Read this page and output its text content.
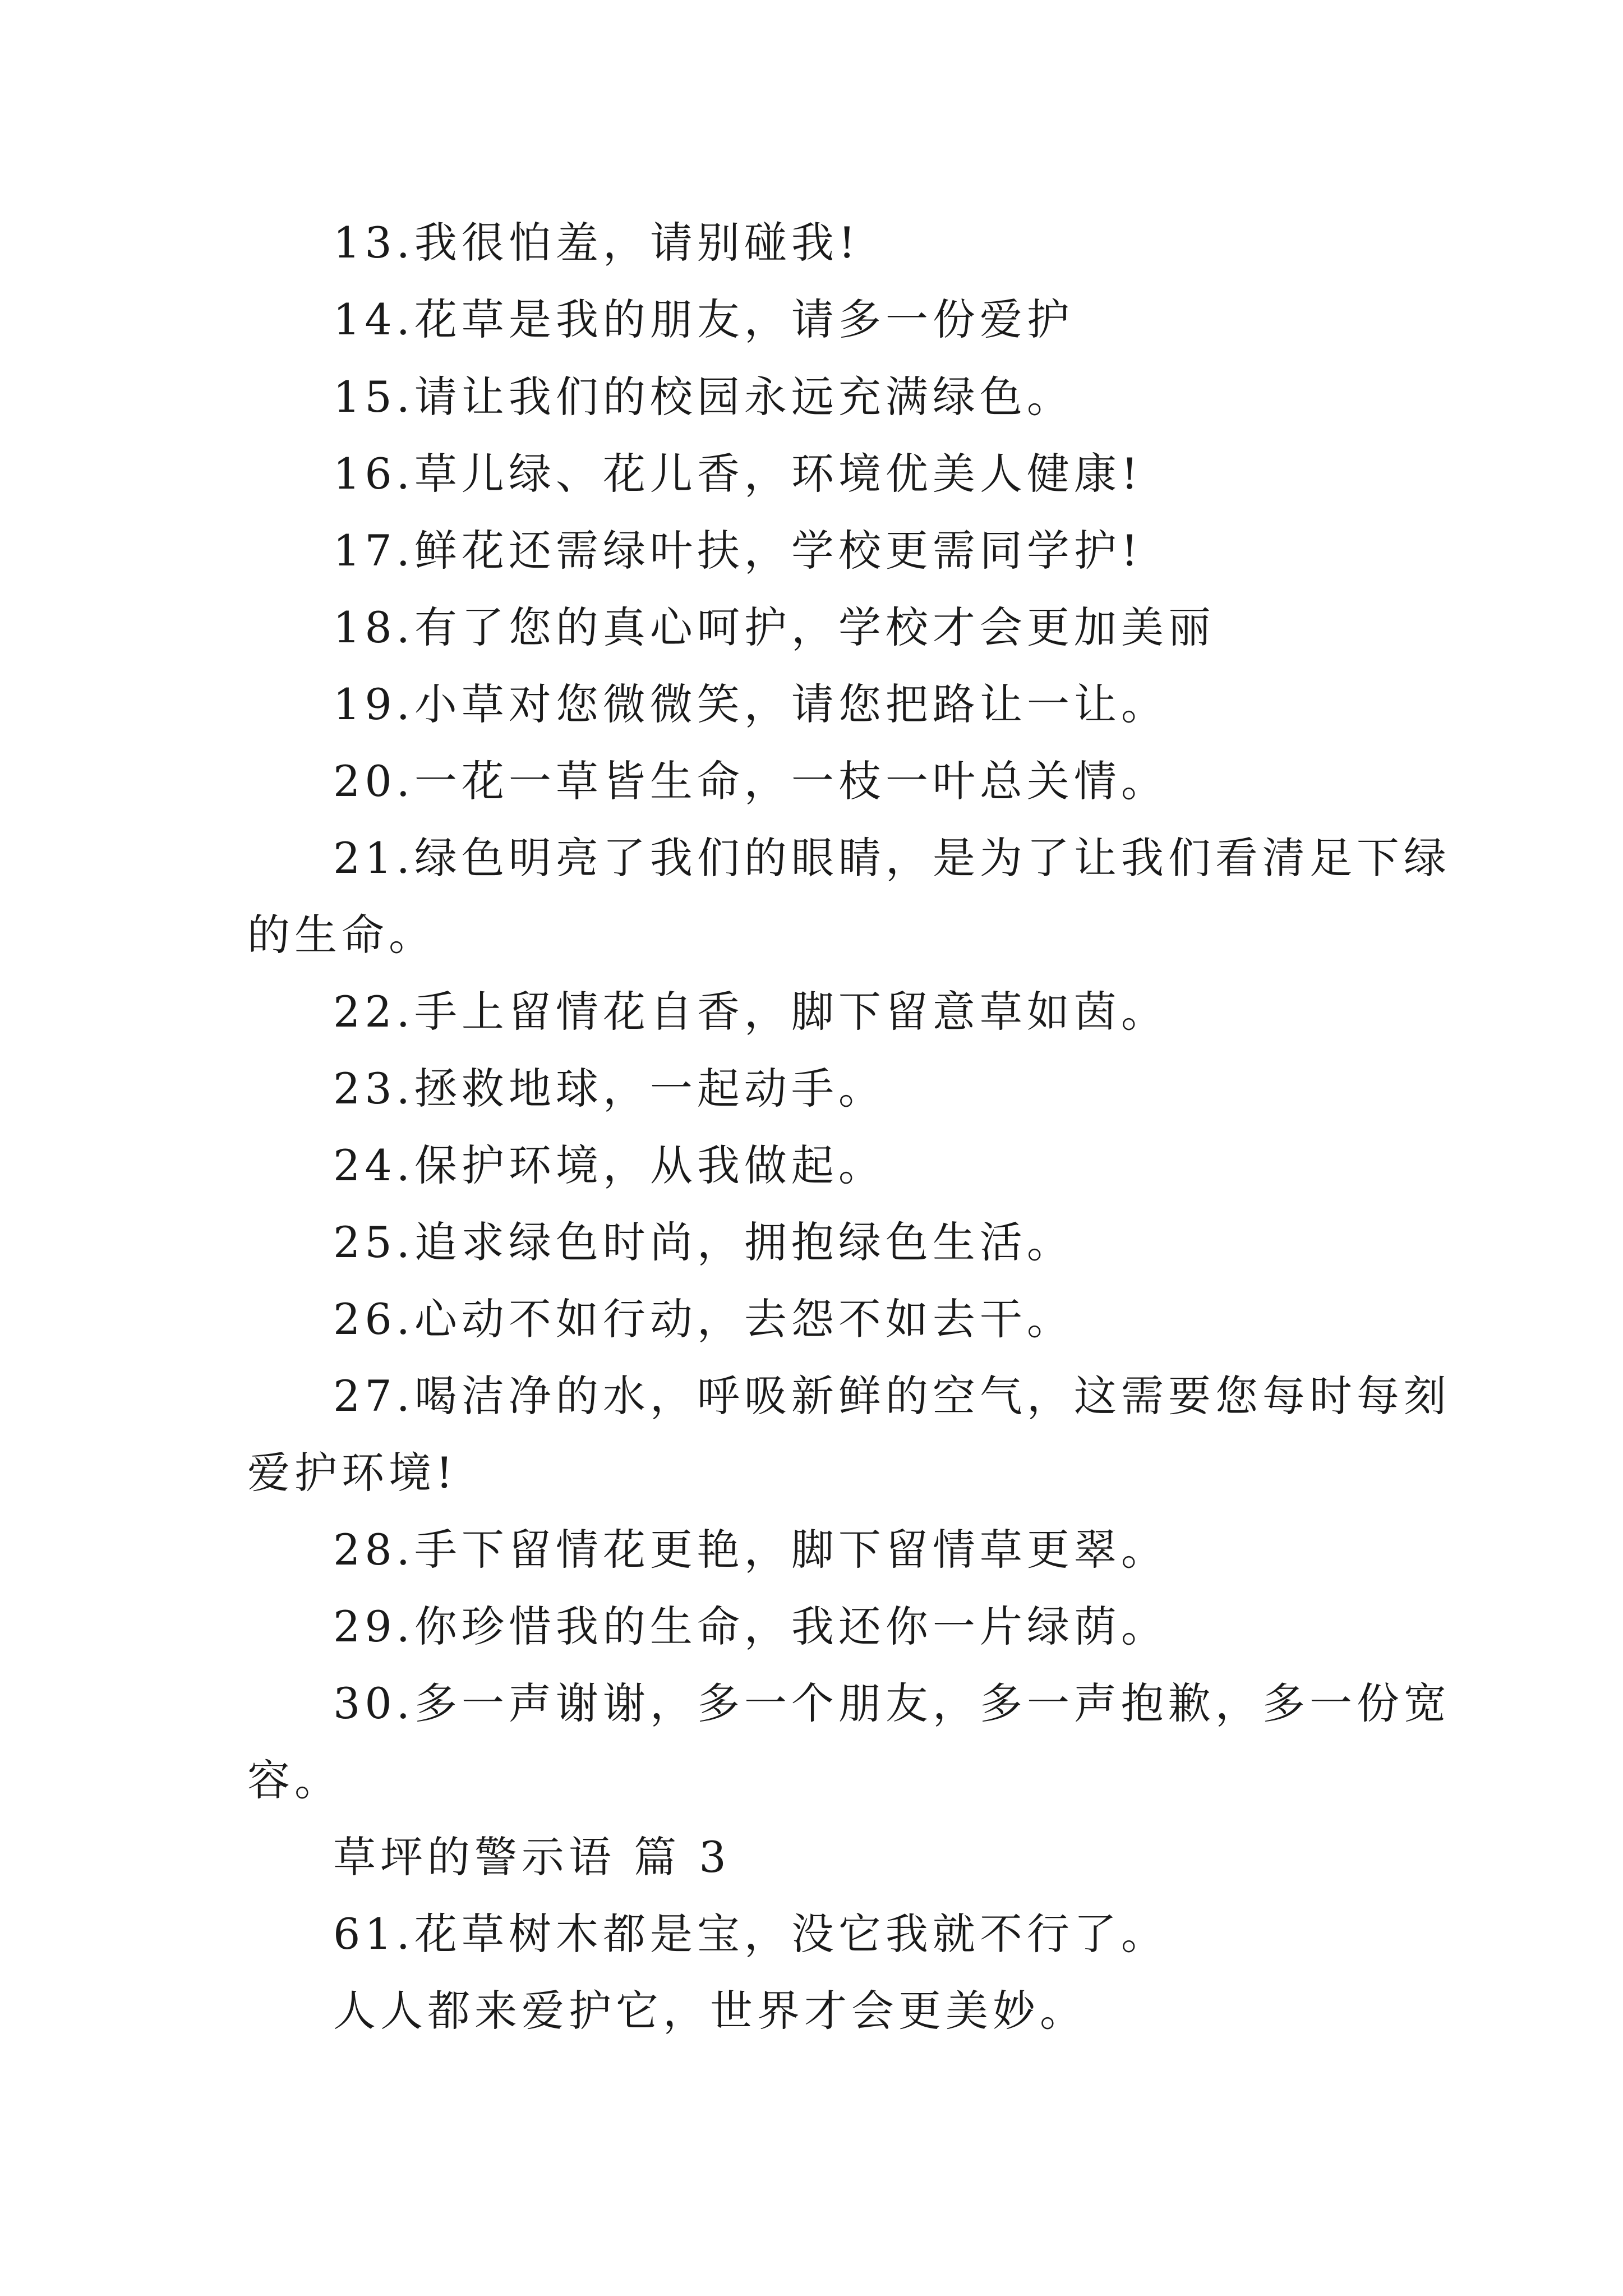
13.我很怕羞，请别碰我!
14.花草是我的朋友，请多一份爱护
15.请让我们的校园永远充满绿色。
16.草儿绿、花儿香，环境优美人健康!
17.鲜花还需绿叶扶，学校更需同学护!
18.有了您的真心呵护，学校才会更加美丽
19.小草对您微微笑，请您把路让一让。
20.一花一草皆生命，一枝一叶总关情。
21.绿色明亮了我们的眼睛，是为了让我们看清足下绿
的生命。
22.手上留情花自香，脚下留意草如茵。
23.拯救地球，一起动手。
24.保护环境，从我做起。
25.追求绿色时尚，拥抱绿色生活。
26.心动不如行动，去怨不如去干。
27.喝洁净的水，呼吸新鲜的空气，这需要您每时每刻
爱护环境!
28.手下留情花更艳，脚下留情草更翠。
29.你珍惜我的生命，我还你一片绿荫。
30.多一声谢谢，多一个朋友，多一声抱歉，多一份宽
容。
草坪的警示语 篇 3
61.花草树木都是宝，没它我就不行了。
人人都来爱护它，世界才会更美妙。
